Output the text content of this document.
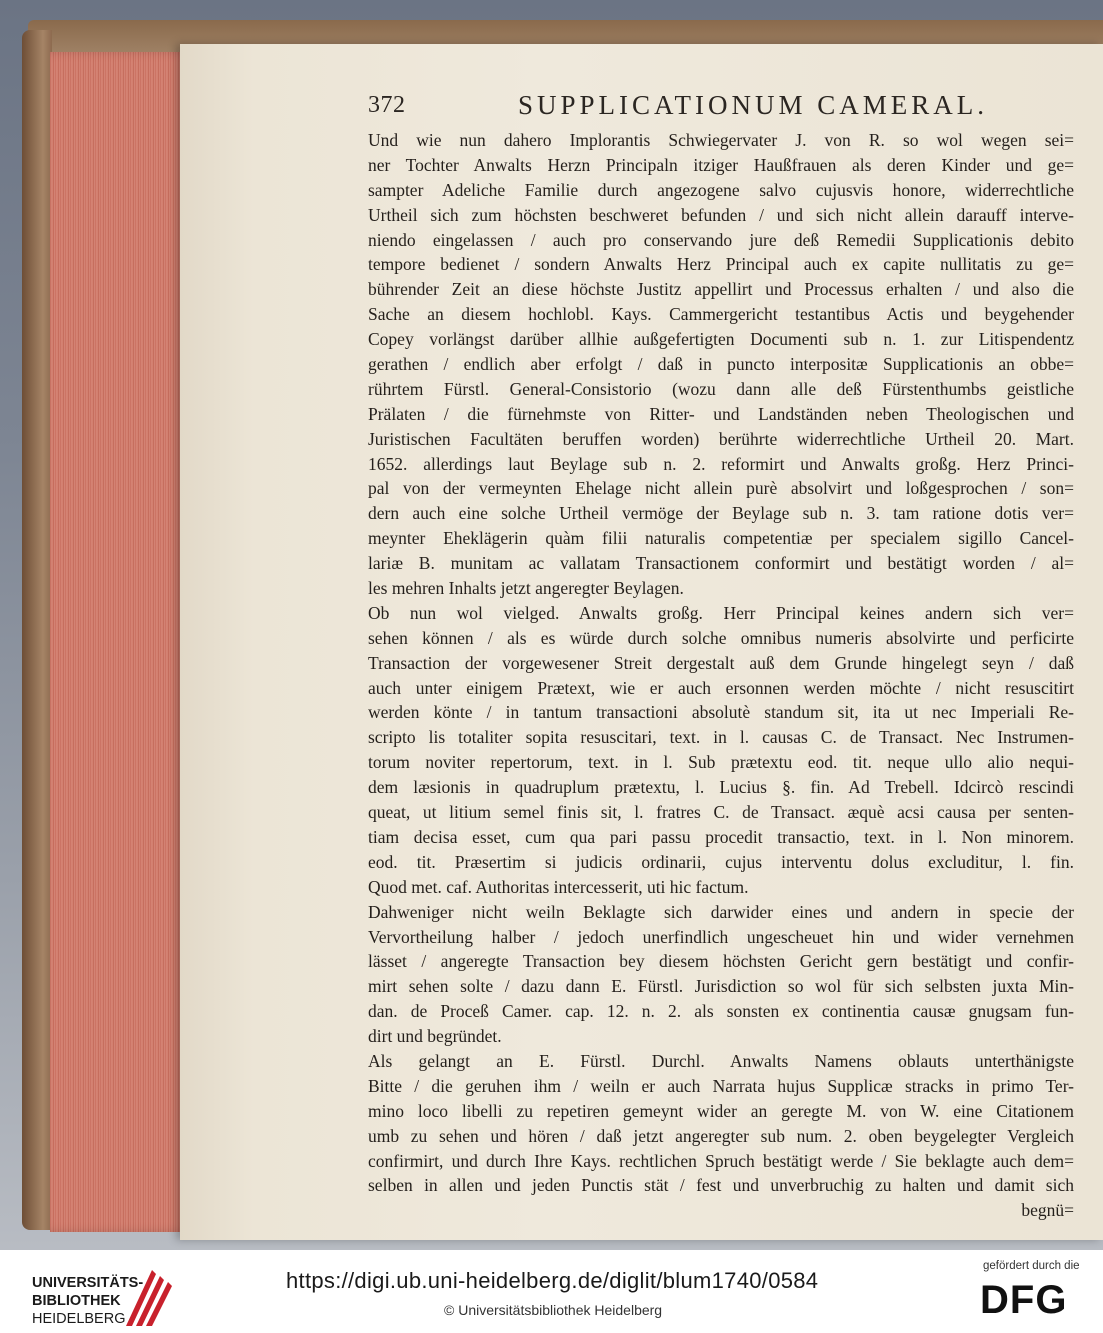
372	SUPPLICATIONUM CAMERAL.
Und wie nun dahero Implorantis Schwiegervater J. von R. so wol wegen sei=
ner Tochter Anwalts Herzn Principaln itziger Haußfrauen als deren Kinder und ge=
sampter Adeliche Familie durch angezogene salvo cujusvis honore, widerrechtliche
Urtheil sich zum höchsten beschweret befunden / und sich nicht allein darauff interve-
niendo eingelassen / auch pro conservando jure deß Remedii Supplicationis debito
tempore bedienet / sondern Anwalts Herz Principal auch ex capite nullitatis zu ge=
bührender Zeit an diese höchste Justitz appellirt und Processus erhalten / und also die
Sache an diesem hochlobl. Kays. Cammergericht testantibus Actis und beygehender
Copey vorlängst darüber allhie außgefertigten Documenti sub n. 1. zur Litispendentz
gerathen / endlich aber erfolgt / daß in puncto interpositæ Supplicationis an obbe=
rührtem Fürstl. General-Consistorio (wozu dann alle deß Fürstenthumbs geistliche
Prälaten / die fürnehmste von Ritter- und Landständen neben Theologischen und
Juristischen Facultäten beruffen worden) berührte widerrechtliche Urtheil 20. Mart.
1652. allerdings laut Beylage sub n. 2. reformirt und Anwalts großg. Herz Princi-
pal von der vermeynten Ehelage nicht allein purè absolvirt und loßgesprochen / son=
dern auch eine solche Urtheil vermöge der Beylage sub n. 3. tam ratione dotis ver=
meynter Eheklägerin quàm filii naturalis competentiæ per specialem sigillo Cancel-
lariæ B. munitam ac vallatam Transactionem conformirt und bestätigt worden / al=
les mehren Inhalts jetzt angeregter Beylagen.
Ob nun wol vielged. Anwalts großg. Herr Principal keines andern sich ver=
sehen können / als es würde durch solche omnibus numeris absolvirte und perficirte
Transaction der vorgewesener Streit dergestalt auß dem Grunde hingelegt seyn / daß
auch unter einigem Prætext, wie er auch ersonnen werden möchte / nicht resuscitirt
werden könte / in tantum transactioni absolutè standum sit, ita ut nec Imperiali Re-
scripto lis totaliter sopita resuscitari, text. in l. causas C. de Transact. Nec Instrumen-
torum noviter repertorum, text. in l. Sub prætextu eod. tit. neque ullo alio nequi-
dem læsionis in quadruplum prætextu, l. Lucius §. fin. Ad Trebell. Idcircò rescindi
queat, ut litium semel finis sit, l. fratres C. de Transact. æquè acsi causa per senten-
tiam decisa esset, cum qua pari passu procedit transactio, text. in l. Non minorem.
eod. tit. Præsertim si judicis ordinarii, cujus interventu dolus excluditur, l. fin.
Quod met. caf. Authoritas intercesserit, uti hic factum.
Dahweniger nicht weiln Beklagte sich darwider eines und andern in specie der
Vervortheilung halber / jedoch unerfindlich ungescheuet hin und wider vernehmen
lässet / angeregte Transaction bey diesem höchsten Gericht gern bestätigt und confir-
mirt sehen solte / dazu dann E. Fürstl. Jurisdiction so wol für sich selbsten juxta Min-
dan. de Proceß Camer. cap. 12. n. 2. als sonsten ex continentia causæ gnugsam fun-
dirt und begründet.
Als gelangt an E. Fürstl. Durchl. Anwalts Namens oblauts unterthänigste
Bitte / die geruhen ihm / weiln er auch Narrata hujus Supplicæ stracks in primo Ter-
mino loco libelli zu repetiren gemeynt wider an geregte M. von W. eine Citationem
umb zu sehen und hören / daß jetzt angeregter sub num. 2. oben beygelegter Vergleich
confirmirt, und durch Ihre Kays. rechtlichen Spruch bestätigt werde / Sie beklagte auch dem=
selben in allen und jeden Punctis stät / fest und unverbruchig zu halten und damit sich
begnü=
UNIVERSITÄTS-
BIBLIOTHEK
HEIDELBERG
https://digi.ub.uni-heidelberg.de/diglit/blum1740/0584
© Universitätsbibliothek Heidelberg
gefördert durch die
DFG
